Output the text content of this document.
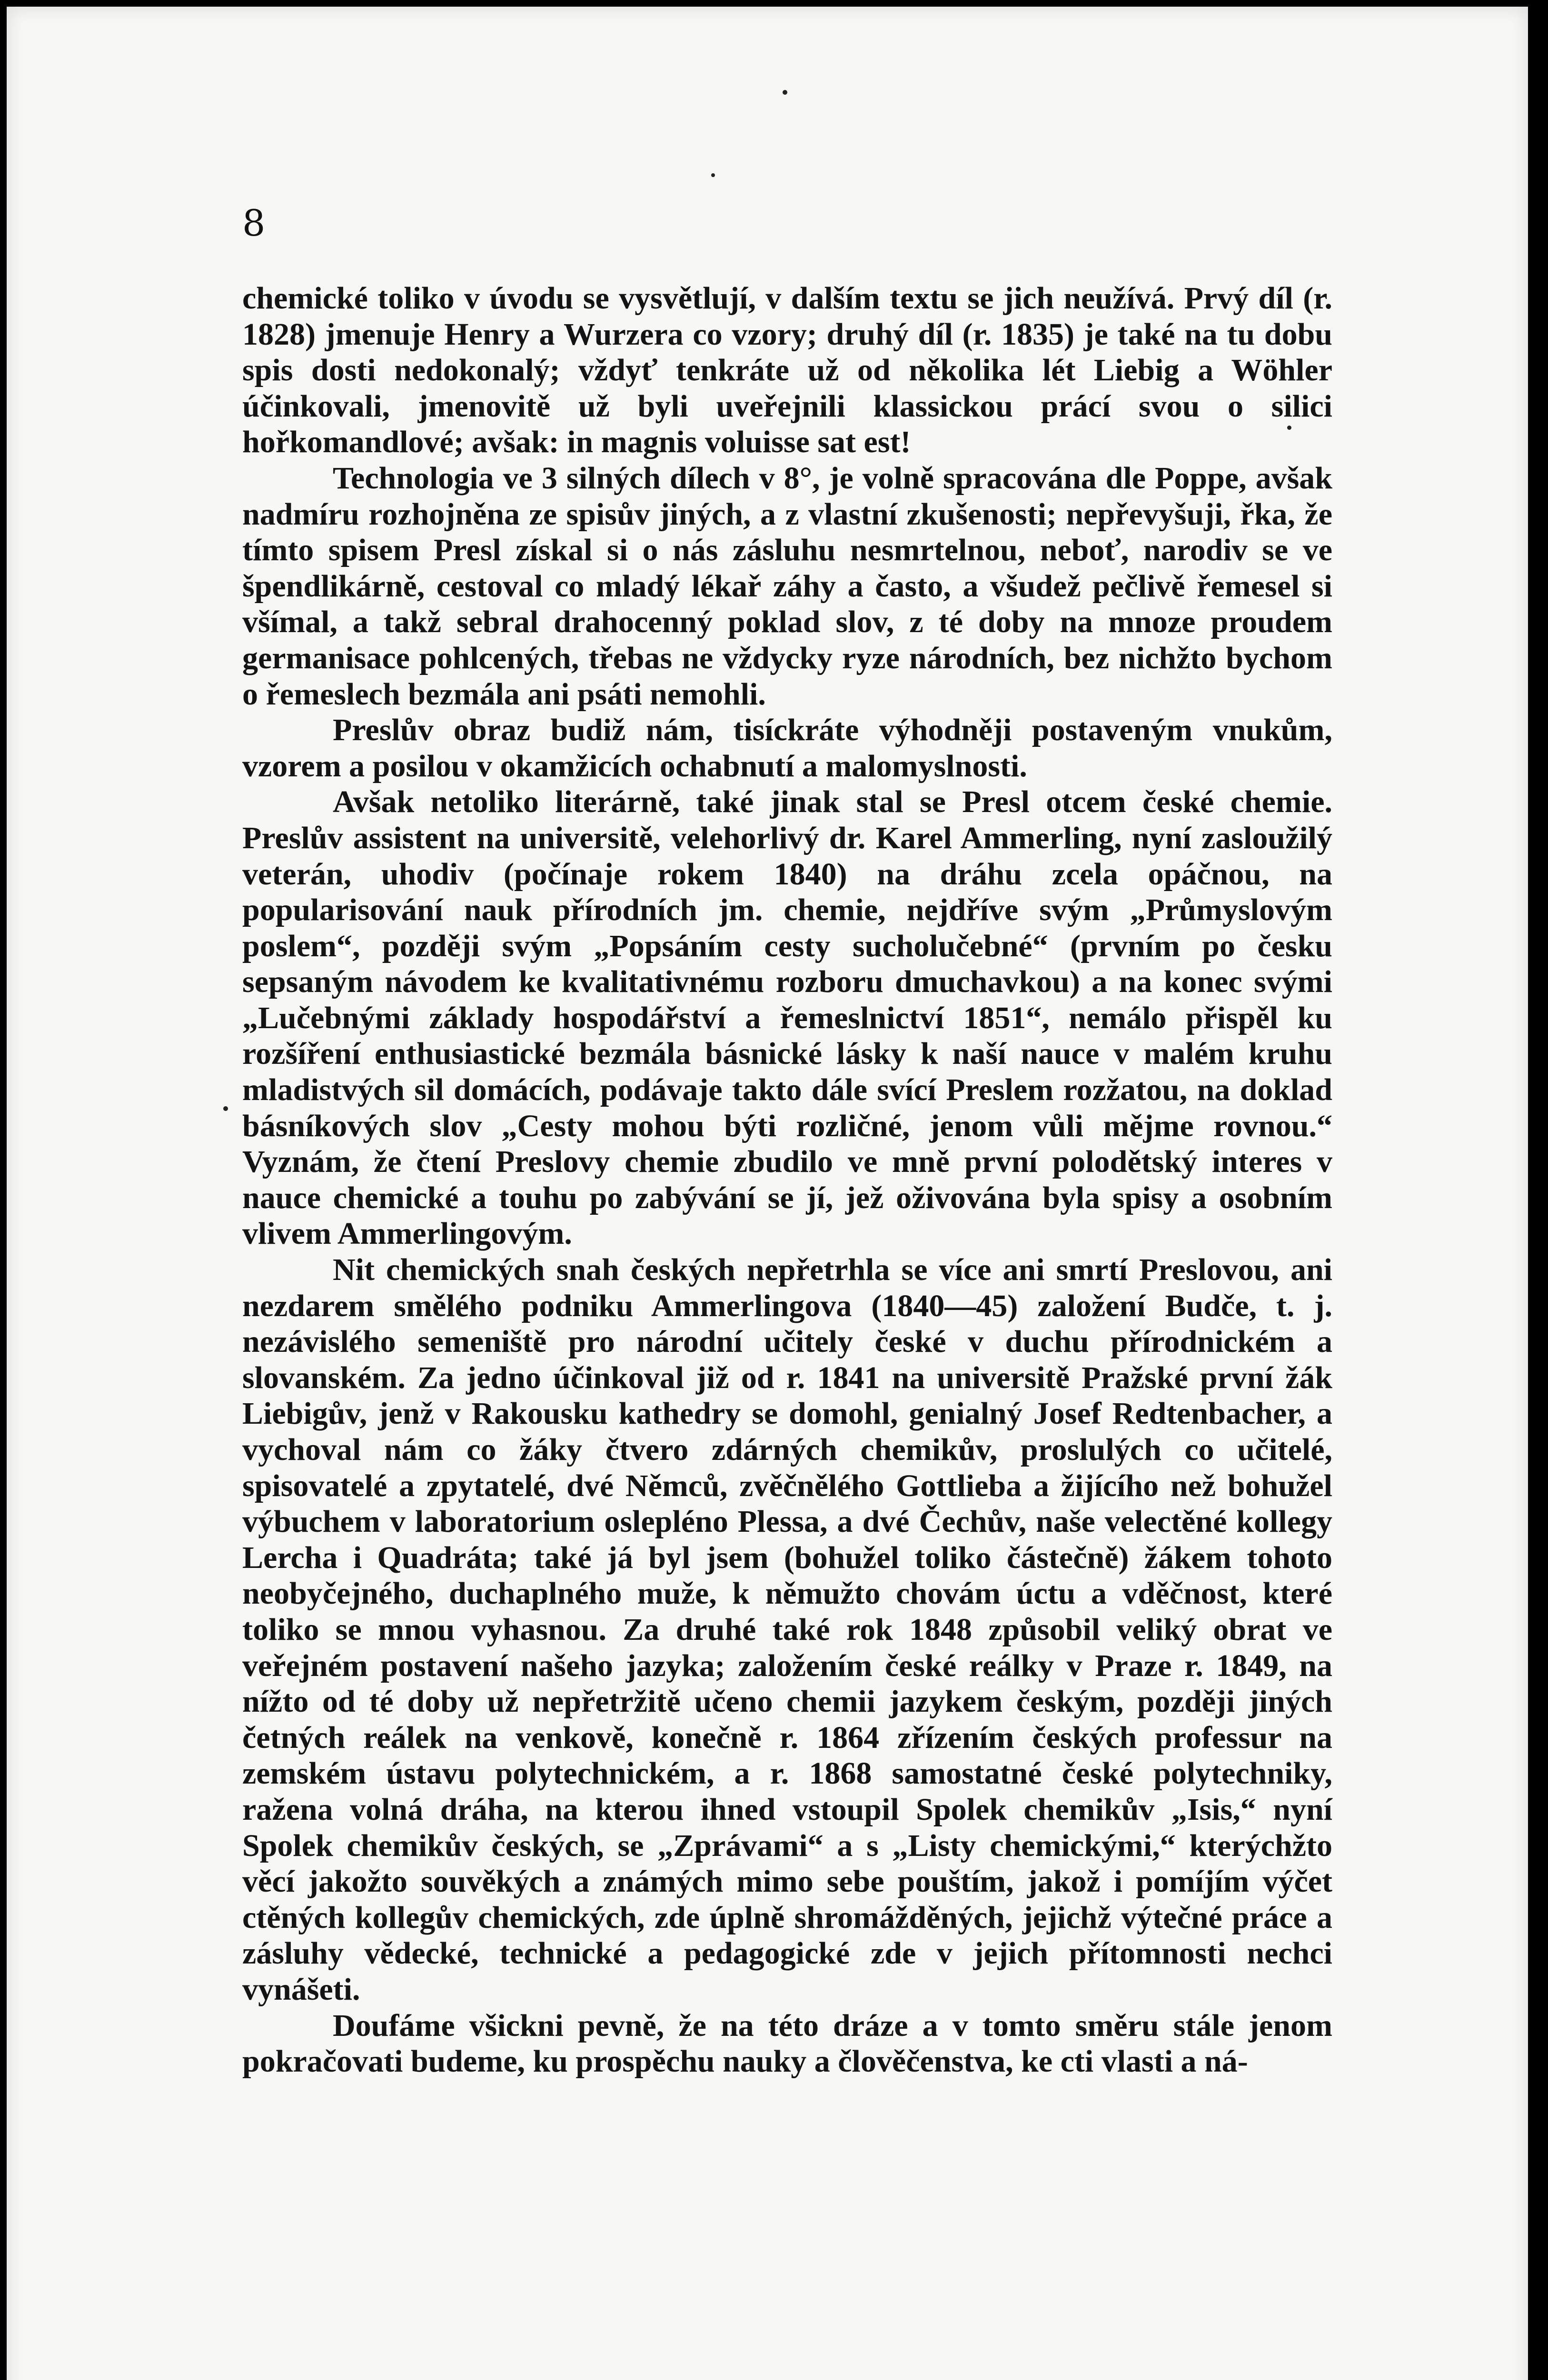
8

chemické toliko v úvodu se vysvětlují, v dalším textu se jich neužívá. Prvý díl (r. 1828) jmenuje Henry a Wurzera co vzory; druhý díl (r. 1835) je také na tu dobu spis dosti nedokonalý; vždyť tenkráte už od několika lét Liebig a Wöhler účinkovali, jmenovitě už byli uveřejnili klassickou prácí svou o silici hořkomandlové; avšak: in magnis voluisse sat est!

Technologia ve 3 silných dílech v 8°, je volně spracována dle Poppe, avšak nadmíru rozhojněna ze spisův jiných, a z vlastní zkušenosti; nepřevyšuji, řka, že tímto spisem Presl získal si o nás zásluhu nesmrtelnou, neboť, narodiv se ve špendlikárně, cestoval co mladý lékař záhy a často, a všudež pečlivě řemesel si všímal, a takž sebral drahocenný poklad slov, z té doby na mnoze proudem germanisace pohlcených, třebas ne vždycky ryze národních, bez nichžto bychom o řemeslech bezmála ani psáti nemohli.

Preslův obraz budiž nám, tisíckráte výhodněji postaveným vnukům, vzorem a posilou v okamžicích ochabnutí a malomyslnosti.

Avšak netoliko literárně, také jinak stal se Presl otcem české chemie. Preslův assistent na universitě, velehorlivý dr. Karel Ammerling, nyní zasloužilý veterán, uhodiv (počínaje rokem 1840) na dráhu zcela opáčnou, na popularisování nauk přírodních jm. chemie, nejdříve svým „Průmyslovým poslem“, později svým „Popsáním cesty sucholučebné“ (prvním po česku sepsaným návodem ke kvalitativnému rozboru dmuchavkou) a na konec svými „Lučebnými základy hospodářství a řemeslnictví 1851“, nemálo přispěl ku rozšíření enthusiastické bezmála básnické lásky k naší nauce v malém kruhu mladistvých sil domácích, podávaje takto dále svící Preslem rozžatou, na doklad básníkových slov „Cesty mohou býti rozličné, jenom vůli mějme rovnou.“ Vyznám, že čtení Preslovy chemie zbudilo ve mně první polodětský interes v nauce chemické a touhu po zabývání se jí, jež oživována byla spisy a osobním vlivem Ammerlingovým.

Nit chemických snah českých nepřetrhla se více ani smrtí Preslovou, ani nezdarem smělého podniku Ammerlingova (1840—45) založení Budče, t. j. nezávislého semeniště pro národní učitely české v duchu přírodnickém a slovanském. Za jedno účinkoval již od r. 1841 na universitě Pražské první žák Liebigův, jenž v Rakousku kathedry se domohl, genialný Josef Redtenbacher, a vychoval nám co žáky čtvero zdárných chemikův, proslulých co učitelé, spisovatelé a zpytatelé, dvé Němců, zvěčnělého Gottlieba a žijícího než bohužel výbuchem v laboratorium oslepléno Plessa, a dvé Čechův, naše velectěné kollegy Lercha i Quadráta; také já byl jsem (bohužel toliko částečně) žákem tohoto neobyčejného, duchaplného muže, k němužto chovám úctu a vděčnost, které toliko se mnou vyhasnou. Za druhé také rok 1848 způsobil veliký obrat ve veřejném postavení našeho jazyka; založením české reálky v Praze r. 1849, na nížto od té doby už nepřetržitě učeno chemii jazykem českým, později jiných četných reálek na venkově, konečně r. 1864 zřízením českých professur na zemském ústavu polytechnickém, a r. 1868 samostatné české polytechniky, ražena volná dráha, na kterou ihned vstoupil Spolek chemikův „Isis,“ nyní Spolek chemikův českých, se „Zprávami“ a s „Listy chemickými,“ kterýchžto věcí jakožto souvěkých a známých mimo sebe pouštím, jakož i pomíjím výčet ctěných kollegův chemických, zde úplně shromážděných, jejichž výtečné práce a zásluhy vědecké, technické a pedagogické zde v jejich přítomnosti nechci vynášeti.

Doufáme všickni pevně, že na této dráze a v tomto směru stále jenom pokračovati budeme, ku prospěchu nauky a člověčenstva, ke cti vlasti a ná-
